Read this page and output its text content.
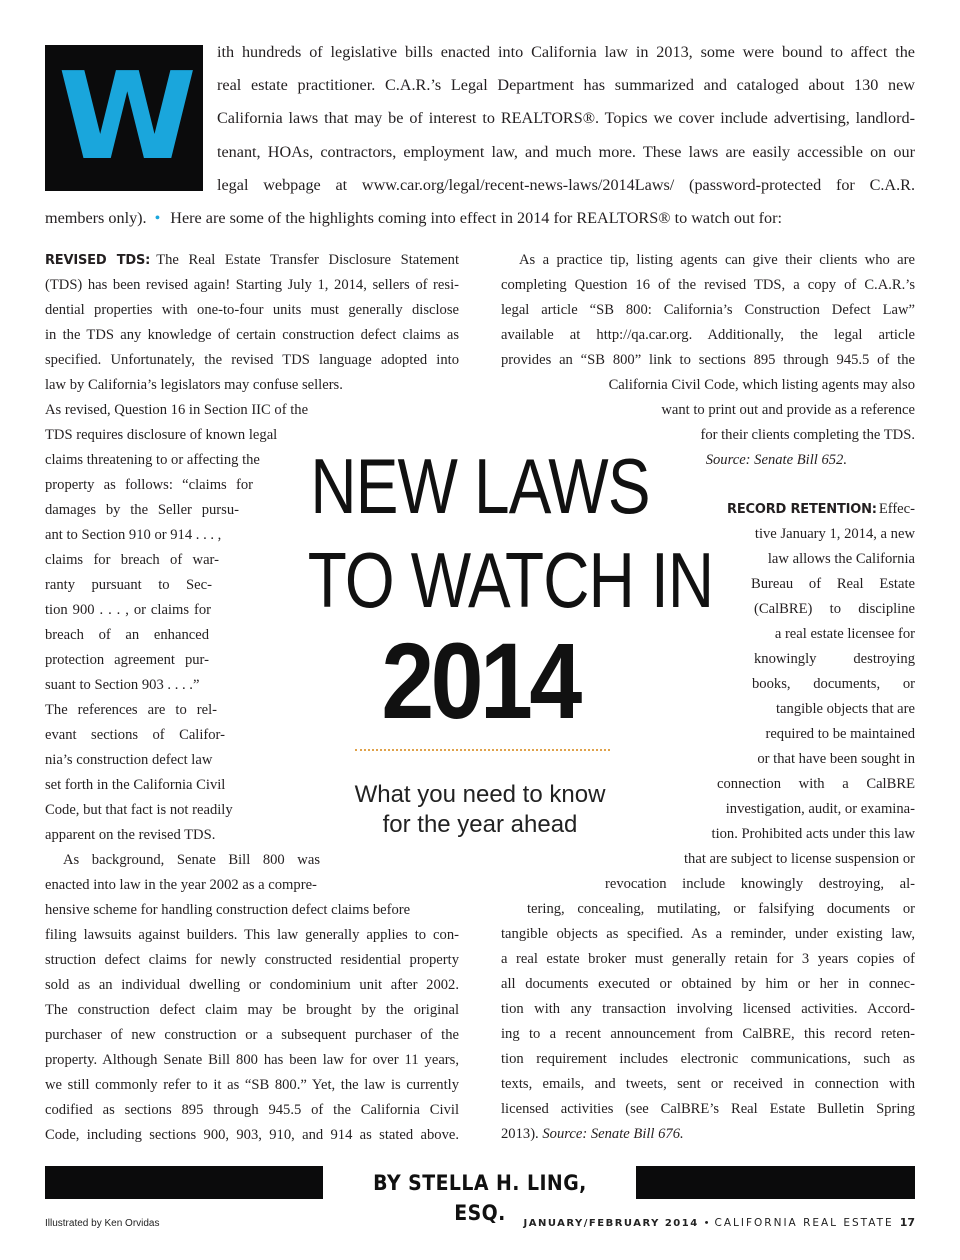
W ith hundreds of legislative bills enacted into California law in 2013, some were bound to affect the
real estate practitioner. C.A.R.’s Legal Department has summarized and cataloged about 130 new
California laws that may be of interest to REALTORS®. Topics we cover include advertising, landlord-
tenant, HOAs, contractors, employment law, and much more. These laws are easily accessible on our
legal webpage at www.car.org/legal/recent-news-laws/2014Laws/ (password-protected for C.A.R.
members only). • Here are some of the highlights coming into effect in 2014 for REALTORS® to watch out for:
REVISED TDS: The Real Estate Transfer Disclosure Statement
(TDS) has been revised again! Starting July 1, 2014, sellers of resi-
dential properties with one-to-four units must generally disclose
in the TDS any knowledge of certain construction defect claims as
specified. Unfortunately, the revised TDS language adopted into
law by California’s legislators may confuse sellers.
As revised, Question 16 in Section IIC of the
TDS requires disclosure of known legal
claims threatening to or affecting the
property as follows: “claims for
damages by the Seller pursu-
ant to Section 910 or 914 . . . ,
claims for breach of war-
ranty pursuant to Sec-
tion 900 . . . , or claims for
breach of an enhanced
protection agreement pur-
suant to Section 903 . . . .”
The references are to rel-
evant sections of Califor-
nia’s construction defect law
set forth in the California Civil
Code, but that fact is not readily
apparent on the revised TDS.
As background, Senate Bill 800 was
enacted into law in the year 2002 as a compre-
hensive scheme for handling construction defect claims before
filing lawsuits against builders. This law generally applies to con-
struction defect claims for newly constructed residential property
sold as an individual dwelling or condominium unit after 2002.
The construction defect claim may be brought by the original
purchaser of new construction or a subsequent purchaser of the
property. Although Senate Bill 800 has been law for over 11 years,
we still commonly refer to it as “SB 800.” Yet, the law is currently
codified as sections 895 through 945.5 of the California Civil
Code, including sections 900, 903, 910, and 914 as stated above.
As a practice tip, listing agents can give their clients who are
completing Question 16 of the revised TDS, a copy of C.A.R.’s
legal article “SB 800: California’s Construction Defect Law”
available at http://qa.car.org. Additionally, the legal article
provides an “SB 800” link to sections 895 through 945.5 of the
California Civil Code, which listing agents may also
want to print out and provide as a reference
for their clients completing the TDS.
Source: Senate Bill 652.
RECORD RETENTION: Effec-
tive January 1, 2014, a new
law allows the California
Bureau of Real Estate
(CalBRE) to discipline
a real estate licensee for
knowingly destroying
books, documents, or
tangible objects that are
required to be maintained
or that have been sought in
connection with a CalBRE
investigation, audit, or examina-
tion. Prohibited acts under this law
that are subject to license suspension or
revocation include knowingly destroying, al-
tering, concealing, mutilating, or falsifying documents or
tangible objects as specified. As a reminder, under existing law,
a real estate broker must generally retain for 3 years copies of
all documents executed or obtained by him or her in connec-
tion with any transaction involving licensed activities. Accord-
ing to a recent announcement from CalBRE, this record reten-
tion requirement includes electronic communications, such as
texts, emails, and tweets, sent or received in connection with
licensed activities (see CalBRE’s Real Estate Bulletin Spring
2013). Source: Senate Bill 676.
NEW LAWS
TO WATCH IN
2014
What you need to know
for the year ahead
BY STELLA H. LING, ESQ.
Illustrated by Ken Orvidas	JANUARY/FEBRUARY 2014 • CALIFORNIA REAL ESTATE 17
